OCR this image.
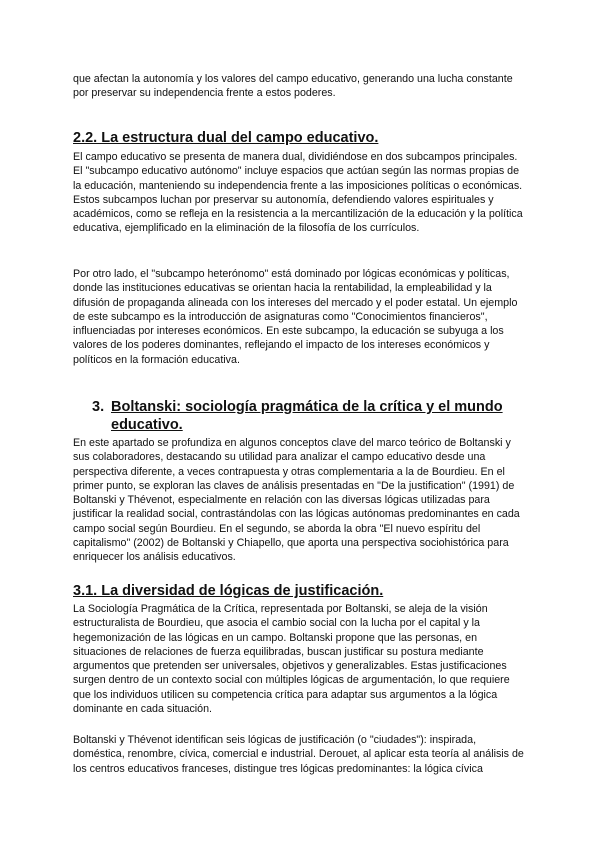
que afectan la autonomía y los valores del campo educativo, generando una lucha constante por preservar su independencia frente a estos poderes.

2.2. La estructura dual del campo educativo.

El campo educativo se presenta de manera dual, dividiéndose en dos subcampos principales. El "subcampo educativo autónomo" incluye espacios que actúan según las normas propias de la educación, manteniendo su independencia frente a las imposiciones políticas o económicas. Estos subcampos luchan por preservar su autonomía, defendiendo valores espirituales y académicos, como se refleja en la resistencia a la mercantilización de la educación y la política educativa, ejemplificado en la eliminación de la filosofía de los currículos.

Por otro lado, el "subcampo heterónomo" está dominado por lógicas económicas y políticas, donde las instituciones educativas se orientan hacia la rentabilidad, la empleabilidad y la difusión de propaganda alineada con los intereses del mercado y el poder estatal. Un ejemplo de este subcampo es la introducción de asignaturas como "Conocimientos financieros", influenciadas por intereses económicos. En este subcampo, la educación se subyuga a los valores de los poderes dominantes, reflejando el impacto de los intereses económicos y políticos en la formación educativa.

3. Boltanski: sociología pragmática de la crítica y el mundo educativo.

En este apartado se profundiza en algunos conceptos clave del marco teórico de Boltanski y sus colaboradores, destacando su utilidad para analizar el campo educativo desde una perspectiva diferente, a veces contrapuesta y otras complementaria a la de Bourdieu. En el primer punto, se exploran las claves de análisis presentadas en "De la justification" (1991) de Boltanski y Thévenot, especialmente en relación con las diversas lógicas utilizadas para justificar la realidad social, contrastándolas con las lógicas autónomas predominantes en cada campo social según Bourdieu. En el segundo, se aborda la obra "El nuevo espíritu del capitalismo" (2002) de Boltanski y Chiapello, que aporta una perspectiva sociohistórica para enriquecer los análisis educativos.

3.1. La diversidad de lógicas de justificación.

La Sociología Pragmática de la Crítica, representada por Boltanski, se aleja de la visión estructuralista de Bourdieu, que asocia el cambio social con la lucha por el capital y la hegemonización de las lógicas en un campo. Boltanski propone que las personas, en situaciones de relaciones de fuerza equilibradas, buscan justificar su postura mediante argumentos que pretenden ser universales, objetivos y generalizables. Estas justificaciones surgen dentro de un contexto social con múltiples lógicas de argumentación, lo que requiere que los individuos utilicen su competencia crítica para adaptar sus argumentos a la lógica dominante en cada situación.

Boltanski y Thévenot identifican seis lógicas de justificación (o "ciudades"): inspirada, doméstica, renombre, cívica, comercial e industrial. Derouet, al aplicar esta teoría al análisis de los centros educativos franceses, distingue tres lógicas predominantes: la lógica cívica
